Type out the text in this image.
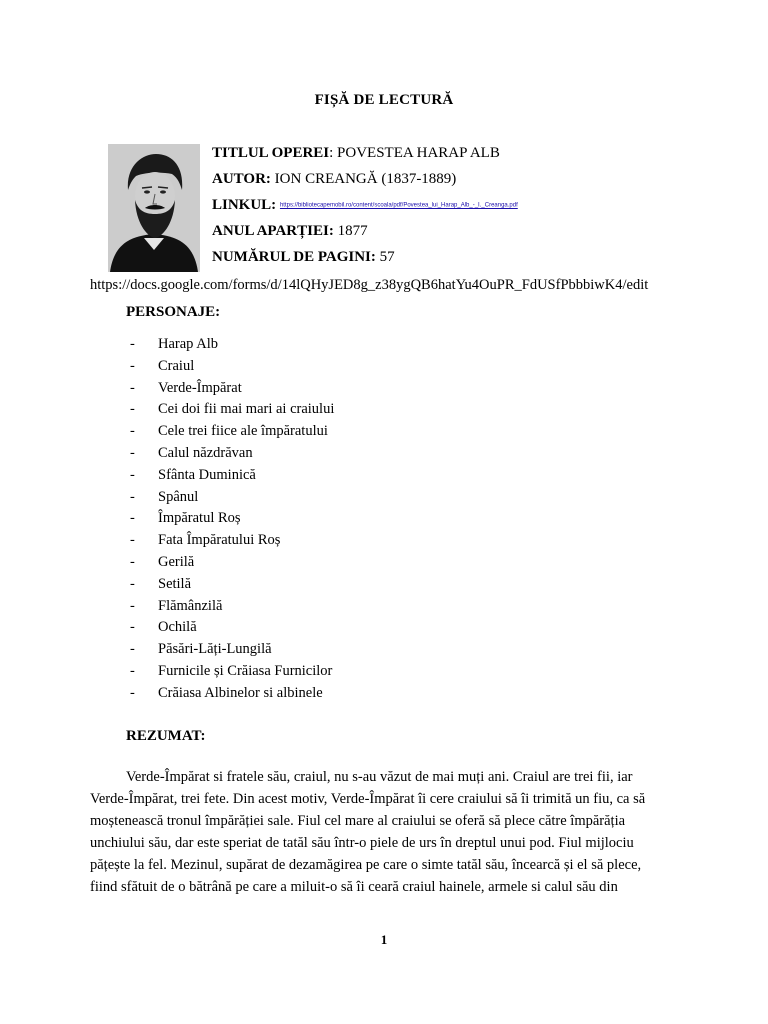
FIȘĂ DE LECTURĂ
TITLUL OPEREI: POVESTEA HARAP ALB
AUTOR: ION CREANGĂ (1837-1889)
LINKUL: https://bibliotecapemobil.ro/content/scoala/pdf/Povestea_lui_Harap_Alb_-_I._Creanga.pdf
ANUL APARȚIEI: 1877
NUMĂRUL DE PAGINI: 57
https://docs.google.com/forms/d/14lQHyJED8g_z38ygQB6hatYu4OuPR_FdUSfPbbbiwK4/edit
PERSONAJE:
- Harap Alb
- Craiul
- Verde-Împărat
- Cei doi fii mai mari ai craiului
- Cele trei fiice ale împăratului
- Calul năzdrăvan
- Sfânta Duminică
- Spânul
- Împăratul Roș
- Fata Împăratului Roș
- Gerilă
- Setilă
- Flămânzilă
- Ochilă
- Păsări-Lăți-Lungilă
- Furnicile și Crăiasa Furnicilor
- Crăiasa Albinelor si albinele
REZUMAT:
Verde-Împărat si fratele său, craiul, nu s-au văzut de mai muți ani. Craiul are trei fii, iar
Verde-Împărat, trei fete. Din acest motiv, Verde-Împărat îi cere craiului să îi trimită un fiu, ca să
moștenească tronul împărăției sale. Fiul cel mare al craiului se oferă să plece către împărăția
unchiului său, dar este speriat de tatăl său într-o piele de urs în dreptul unui pod. Fiul mijlociu
pățește la fel. Mezinul, supărat de dezamăgirea pe care o simte tatăl său, încearcă și el să plece,
fiind sfătuit de o bătrână pe care a miluit-o să îi ceară craiul hainele, armele si calul său din
1
